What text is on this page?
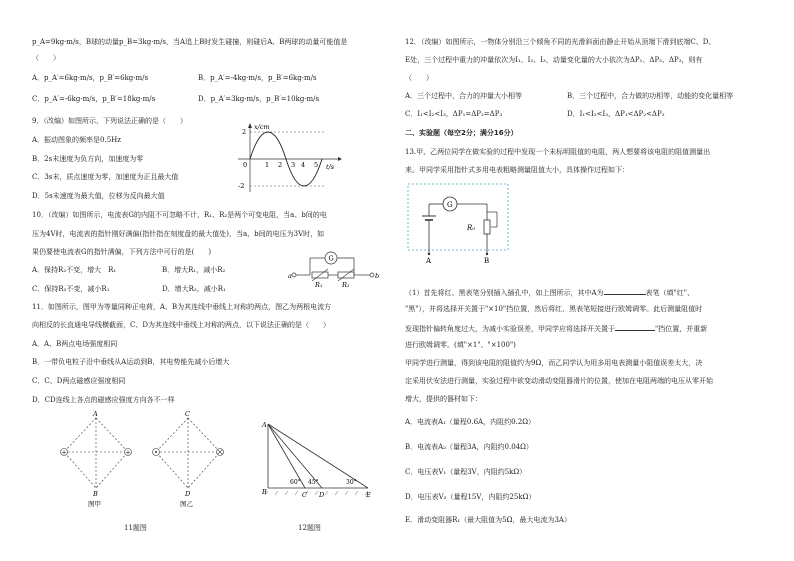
p_A=9kg·m/s，B球的动量p_B=3kg·m/s，当A追上B时发生碰撞，则碰后A、B两球的动量可能值是
（　　）
A．p_A′=6kg·m/s，p_B′=6kg·m/s	B．p_A′=-4kg·m/s，p_B′=6kg·m/s
C．p_A′=-6kg·m/s，p_B′=18kg·m/s	D．p_A′=3kg·m/s，p_B′=10kg·m/s
9．（改编）如图所示，下列说法正确的是（　　）
A．振动图象的频率是0.5Hz
B．2s末速度为负方向，加速度为零
C．3s末，质点速度为零，加速度为正且最大值
D．5s末速度为最大值，位移为反向最大值
x/cm
t/s
2
-2
0	1 2 3 4 5
10．（改编）如图所示，电流表G的内阻不可忽略不计，R₁、R₂是两个可变电阻，当a、b间的电
压为4V时，电流表的指针刚好满偏(指针指在刻度盘的最大值处)，当a、b间的电压为3V时，如
果仍要使电流表G的指针满偏，下列方法中可行的是(　　)
A．保持R₂不变，增大　R₁	B．增大R₁，减小R₂
C．保持R₂不变，减小R₁	D．增大R₂，减小R₁
G
a	b
R₁	R₂
11．如图所示，图甲为等量同种正电荷，A、B为其连线中垂线上对称的两点，图乙为两根电流方
向相反的长直通电导线横截面，C、D为其连线中垂线上对称的两点，以下说法正确的是（　　）
A．A、B两点电场强度相同
B．一带负电粒子沿中垂线从A运动到B，其电势能先减小后增大
C．C、D两点磁感应强度相同
D．CD连线上各点的磁感应强度方向各不一样
+	+
A
B
图甲
C
D
图乙
11题图
A
B	C D	E
60° 45°	30°
12题图
12．（改编）如图所示，一物体分别沿三个倾角不同的光滑斜面由静止开始从顶端下滑到底端C、D、
E处，三个过程中重力的冲量依次为I₁、I₂、I₃，动量变化量的大小依次为ΔP₁、ΔP₂、ΔP₃，则有
（　　）
A．三个过程中，合力的冲量大小相等	B．三个过程中，合力做的功相等，动能的变化量相等
C．I₁<I₂<I₃，ΔP₁=ΔP₂=ΔP₃	D．I₁<I₂<I₃，ΔP₁<ΔP₂<ΔP₃
二、实验题（每空2分；满分16分）
13.甲、乙两位同学在做实验的过程中发现一个未标明阻值的电阻，两人想要将该电阻的阻值测量出
来。甲同学采用指针式多用电表粗略测量阻值大小，具体操作过程如下：
G
R₀
A	B
（1）首先将红、黑表笔分别插入插孔中，如上图所示，其中A为	表笔（填"红"、
"黑"），并将选择开关置于"×10"挡位置，然后将红、黑表笔短接进行欧姆调零。此后测量阻值时
发现指针偏转角度过大，为减小实验误差，甲同学应将选择开关置于	"挡位置，并重新
进行欧姆调零。(填"×1"、"×100")
甲同学进行测量，得到该电阻的阻值约为9Ω，而乙同学认为用多用电表测量小阻值误差太大，决
定采用伏安法进行测量，实验过程中欲变动滑动变阻器滑片的位置，使加在电阻两端的电压从零开始
增大，提供的器材如下：
A．电流表A₁（量程0.6A，内阻约0.2Ω）
B．电流表A₂（量程3A，内阻约0.04Ω）
C．电压表V₁（量程3V，内阻约5kΩ）
D．电压表V₂（量程15V，内阻约25kΩ）
E．滑动变阻器R₁（最大阻值为5Ω，最大电流为3A）
